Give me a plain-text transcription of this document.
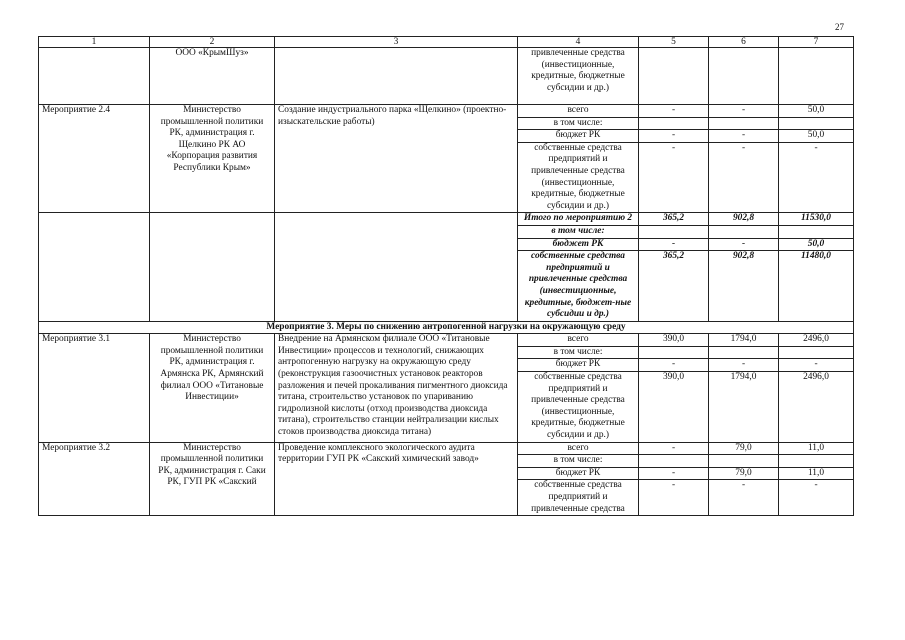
27
1	2	3	4	5	6	7
	ООО «КрымШуз»		привлеченные средства (инвестиционные, кредитные, бюджетные субсидии и др.)			
Мероприятие 2.4	Министерство промышленной политики РК, администрация г. Щелкино РК АО «Корпорация развития Республики Крым»	Создание индустриального парка «Щелкино» (проектно-изыскательские работы)	всего	-	-	50,0
			в том числе:			
			бюджет РК	-	-	50,0
			собственные средства предприятий и привлеченные средства (инвестиционные, кредитные, бюджетные субсидии и др.)	-	-	-
			Итого по мероприятию 2	365,2	902,8	11530,0
			в том числе:			
			бюджет РК	-	-	50,0
			собственные средства предприятий и привлеченные средства (инвестиционные, кредитные, бюджет-ные субсидии и др.)	365,2	902,8	11480,0
Мероприятие 3. Меры по снижению антропогенной нагрузки на окружающую среду						
Мероприятие 3.1	Министерство промышленной политики РК, администрация г. Армянска РК, Армянский филиал ООО «Титановые Инвестиции»	Внедрение на Армянском филиале ООО «Титановые Инвестиции» процессов и технологий, снижающих антропогенную нагрузку на окружающую среду (реконструкция газоочистных установок реакторов разложения и печей прокаливания пигментного диоксида титана, строительство установок по упариванию гидролизной кислоты (отход производства диоксида титана), строительство станции нейтрализации кислых стоков производства диоксида титана)	всего	390,0	1794,0	2496,0
			в том числе:			
			бюджет РК	-	-	-
			собственные средства предприятий и привлеченные средства (инвестиционные, кредитные, бюджетные субсидии и др.)	390,0	1794,0	2496,0
Мероприятие 3.2	Министерство промышленной политики РК, администрация г. Саки РК, ГУП РК «Сакский	Проведение комплексного экологического аудита территории ГУП РК «Сакский химический завод»	всего	-	79,0	11,0
			в том числе:			
			бюджет РК	-	79,0	11,0
			собственные средства предприятий и привлеченные средства	-	-	-
